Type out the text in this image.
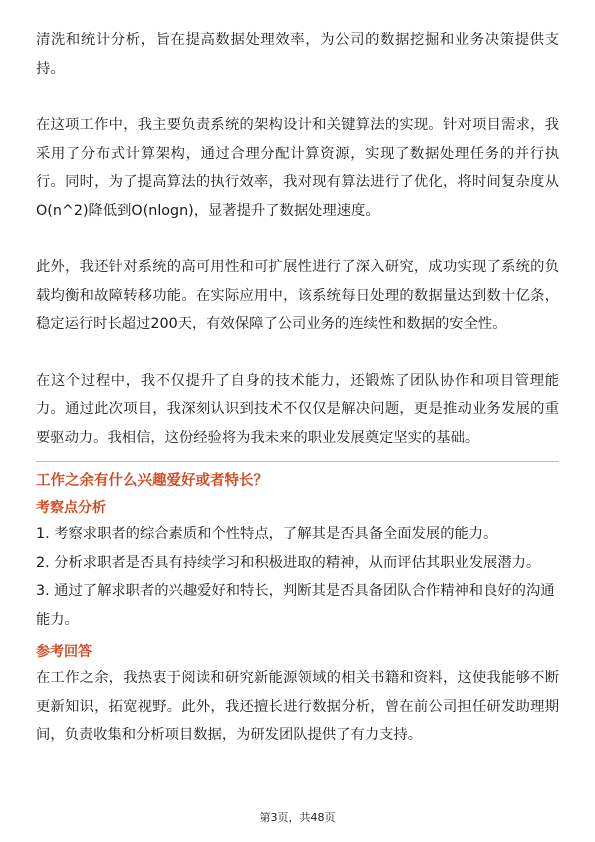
清洗和统计分析，旨在提高数据处理效率，为公司的数据挖掘和业务决策提供支持。

在这项工作中，我主要负责系统的架构设计和关键算法的实现。针对项目需求，我采用了分布式计算架构，通过合理分配计算资源，实现了数据处理任务的并行执行。同时，为了提高算法的执行效率，我对现有算法进行了优化，将时间复杂度从O(n^2)降低到O(nlogn)，显著提升了数据处理速度。

此外，我还针对系统的高可用性和可扩展性进行了深入研究，成功实现了系统的负载均衡和故障转移功能。在实际应用中，该系统每日处理的数据量达到数十亿条，稳定运行时长超过200天，有效保障了公司业务的连续性和数据的安全性。

在这个过程中，我不仅提升了自身的技术能力，还锻炼了团队协作和项目管理能力。通过此次项目，我深刻认识到技术不仅仅是解决问题，更是推动业务发展的重要驱动力。我相信，这份经验将为我未来的职业发展奠定坚实的基础。

工作之余有什么兴趣爱好或者特长？
考察点分析
1. 考察求职者的综合素质和个性特点，了解其是否具备全面发展的能力。
2. 分析求职者是否具有持续学习和积极进取的精神，从而评估其职业发展潜力。
3. 通过了解求职者的兴趣爱好和特长，判断其是否具备团队合作精神和良好的沟通能力。
参考回答

在工作之余，我热衷于阅读和研究新能源领域的相关书籍和资料，这使我能够不断更新知识，拓宽视野。此外，我还擅长进行数据分析，曾在前公司担任研发助理期间，负责收集和分析项目数据，为研发团队提供了有力支持。

第3页，共48页
